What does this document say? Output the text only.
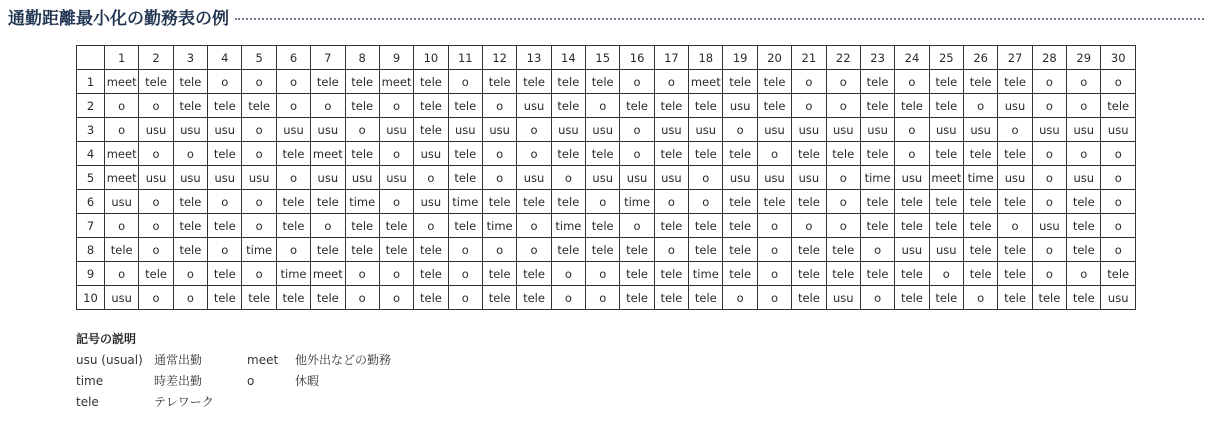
通勤距離最小化の勤務表の例
	1	2	3	4	5	6	7	8	9	10	11	12	13	14	15	16	17	18	19	20	21	22	23	24	25	26	27	28	29	30
1	meet	tele	tele	o	o	o	tele	tele	meet	tele	o	tele	tele	tele	tele	o	o	meet	tele	tele	o	o	tele	o	tele	tele	tele	o	o	o
2	o	o	tele	tele	tele	o	o	tele	o	tele	tele	o	usu	tele	o	tele	tele	tele	usu	tele	o	o	tele	tele	tele	o	usu	o	o	tele
3	o	usu	usu	usu	o	usu	usu	o	usu	tele	usu	usu	o	usu	usu	o	usu	usu	o	usu	usu	usu	usu	o	usu	usu	o	usu	usu	usu
4	meet	o	o	tele	o	tele	meet	tele	o	usu	tele	o	o	tele	tele	o	tele	tele	tele	o	tele	tele	tele	o	tele	tele	tele	o	o	o
5	meet	usu	usu	usu	usu	o	usu	usu	usu	o	tele	o	usu	o	usu	usu	usu	o	usu	usu	usu	o	time	usu	meet	time	usu	o	usu	o
6	usu	o	tele	o	o	tele	tele	time	o	usu	time	tele	tele	tele	o	time	o	o	tele	tele	tele	o	tele	tele	tele	tele	tele	o	tele	o
7	o	o	tele	tele	o	tele	o	tele	tele	o	tele	time	o	time	tele	o	tele	tele	tele	o	o	o	tele	tele	tele	tele	o	usu	tele	o
8	tele	o	tele	o	time	o	tele	tele	tele	tele	o	o	o	tele	tele	tele	o	tele	tele	o	tele	tele	o	usu	usu	tele	tele	o	tele	o
9	o	tele	o	tele	o	time	meet	o	o	tele	o	tele	tele	o	o	tele	tele	time	tele	o	tele	tele	tele	tele	o	tele	tele	o	o	tele
10	usu	o	o	tele	tele	tele	tele	o	o	tele	o	tele	tele	o	o	tele	tele	tele	o	o	tele	usu	o	tele	tele	o	tele	tele	tele	usu
記号の説明
usu (usual) 通常出勤	meet	他外出などの勤務
time	時差出勤	o	休暇
tele	テレワーク
